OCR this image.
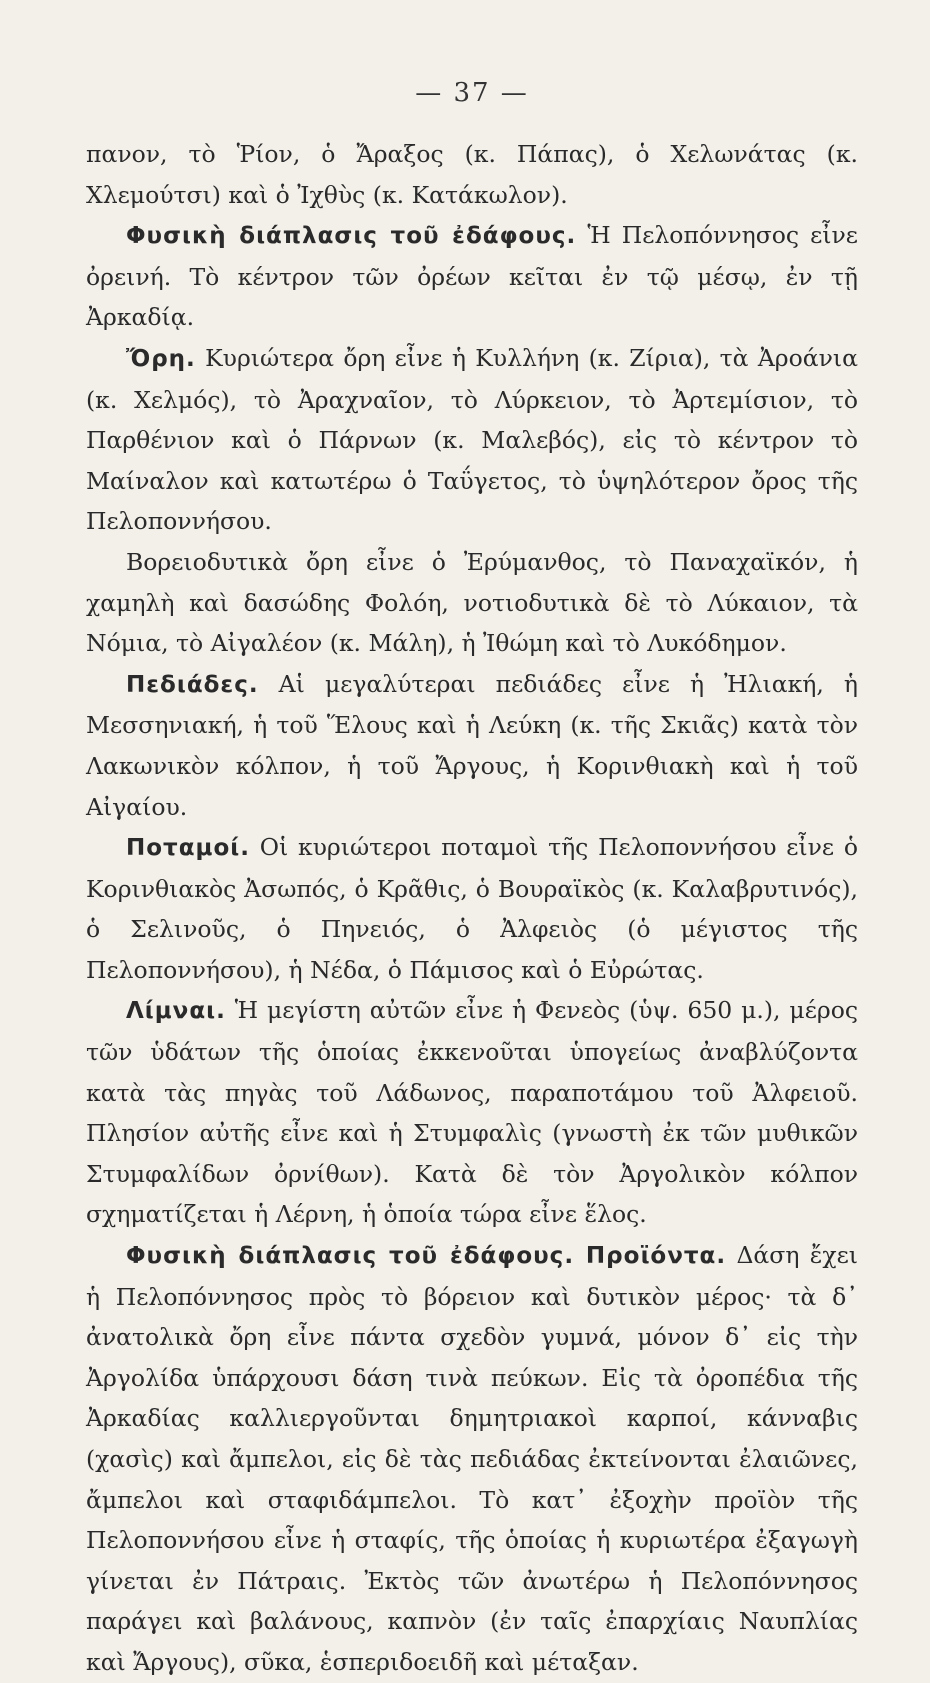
— 37 —

πανον, τὸ Ῥίον, ὁ Ἄραξος (κ. Πάπας), ὁ Χελωνάτας (κ. Χλεμούτσι) καὶ ὁ Ἰχθὺς (κ. Κατάκωλον).

Φυσικὴ διάπλασις τοῦ ἐδάφους. Ἡ Πελοπόννησος εἶνε ὀρεινή. Τὸ κέντρον τῶν ὀρέων κεῖται ἐν τῷ μέσῳ, ἐν τῇ Ἀρκαδίᾳ.

Ὄρη. Κυριώτερα ὄρη εἶνε ἡ Κυλλήνη (κ. Ζίρια), τὰ Ἀροάνια (κ. Χελμός), τὸ Ἀραχναῖον, τὸ Λύρκειον, τὸ Ἀρτεμίσιον, τὸ Παρθένιον καὶ ὁ Πάρνων (κ. Μαλεβός), εἰς τὸ κέντρον τὸ Μαίναλον καὶ κατωτέρω ὁ Ταΰγετος, τὸ ὑψηλότερον ὄρος τῆς Πελοποννήσου.

Βορειοδυτικὰ ὄρη εἶνε ὁ Ἐρύμανθος, τὸ Παναχαϊκόν, ἡ χαμηλὴ καὶ δασώδης Φολόη, νοτιοδυτικὰ δὲ τὸ Λύκαιον, τὰ Νόμια, τὸ Αἰγαλέον (κ. Μάλη), ἡ Ἰθώμη καὶ τὸ Λυκόδημον.

Πεδιάδες. Αἱ μεγαλύτεραι πεδιάδες εἶνε ἡ Ἠλιακή, ἡ Μεσσηνιακή, ἡ τοῦ Ἕλους καὶ ἡ Λεύκη (κ. τῆς Σκιᾶς) κατὰ τὸν Λακωνικὸν κόλπον, ἡ τοῦ Ἄργους, ἡ Κορινθιακὴ καὶ ἡ τοῦ Αἰγαίου.

Ποταμοί. Οἱ κυριώτεροι ποταμοὶ τῆς Πελοποννήσου εἶνε ὁ Κορινθιακὸς Ἀσωπός, ὁ Κρᾶθις, ὁ Βουραϊκὸς (κ. Καλαβρυτινός), ὁ Σελινοῦς, ὁ Πηνειός, ὁ Ἀλφειὸς (ὁ μέγιστος τῆς Πελοποννήσου), ἡ Νέδα, ὁ Πάμισος καὶ ὁ Εὐρώτας.

Λίμναι. Ἡ μεγίστη αὐτῶν εἶνε ἡ Φενεὸς (ὑψ. 650 μ.), μέρος τῶν ὑδάτων τῆς ὁποίας ἐκκενοῦται ὑπογείως ἀναβλύζοντα κατὰ τὰς πηγὰς τοῦ Λάδωνος, παραποτάμου τοῦ Ἀλφειοῦ. Πλησίον αὐτῆς εἶνε καὶ ἡ Στυμφαλὶς (γνωστὴ ἐκ τῶν μυθικῶν Στυμφαλίδων ὀρνίθων). Κατὰ δὲ τὸν Ἀργολικὸν κόλπον σχηματίζεται ἡ Λέρνη, ἡ ὁποία τώρα εἶνε ἕλος.

Φυσικὴ διάπλασις τοῦ ἐδάφους. Προϊόντα. Δάση ἔχει ἡ Πελοπόννησος πρὸς τὸ βόρειον καὶ δυτικὸν μέρος· τὰ δ᾽ ἀνατολικὰ ὄρη εἶνε πάντα σχεδὸν γυμνά, μόνον δ᾽ εἰς τὴν Ἀργολίδα ὑπάρχουσι δάση τινὰ πεύκων. Εἰς τὰ ὀροπέδια τῆς Ἀρκαδίας καλλιεργοῦνται δημητριακοὶ καρποί, κάνναβις (χασὶς) καὶ ἄμπελοι, εἰς δὲ τὰς πεδιάδας ἐκτείνονται ἐλαιῶνες, ἄμπελοι καὶ σταφιδάμπελοι. Τὸ κατ᾽ ἐξοχὴν προϊὸν τῆς Πελοποννήσου εἶνε ἡ σταφίς, τῆς ὁποίας ἡ κυριωτέρα ἐξαγωγὴ γίνεται ἐν Πάτραις. Ἐκτὸς τῶν ἀνωτέρω ἡ Πελοπόννησος παράγει καὶ βαλάνους, καπνὸν (ἐν ταῖς ἐπαρχίαις Ναυπλίας καὶ Ἄργους), σῦκα, ἑσπεριδοειδῆ καὶ μέταξαν.
